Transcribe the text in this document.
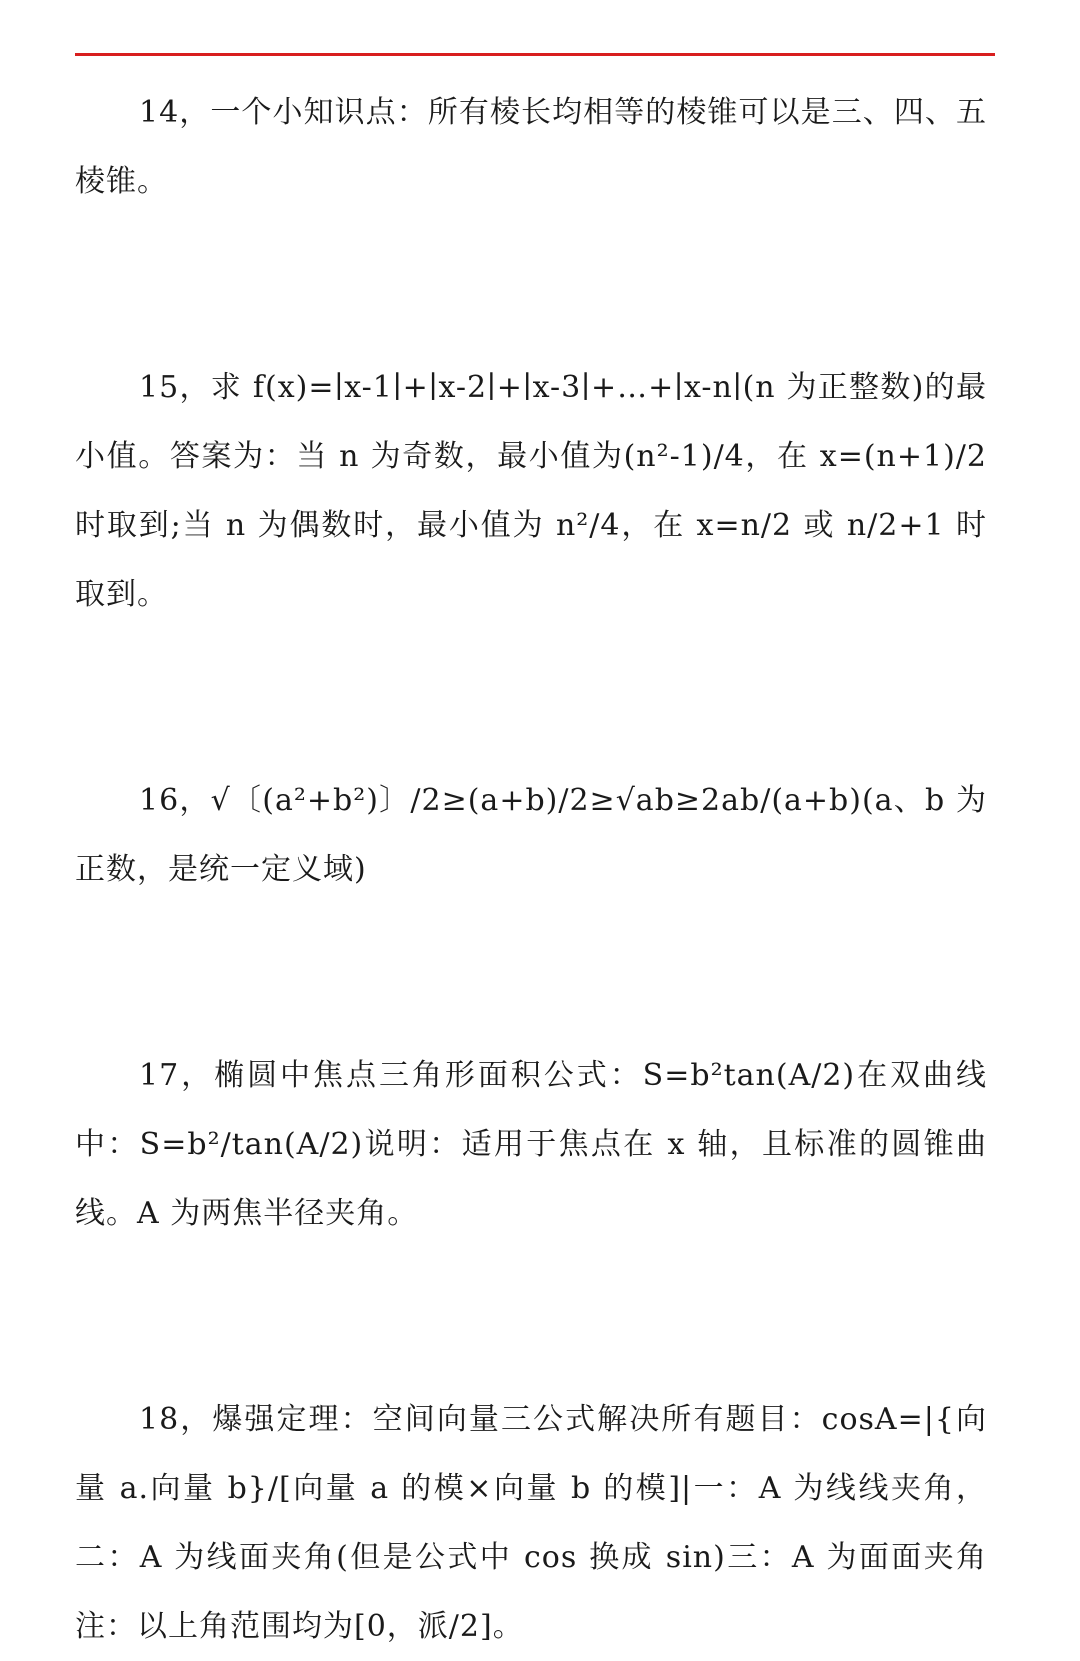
14，一个小知识点：所有棱长均相等的棱锥可以是三、四、五棱锥。

15，求 f(x)=∣x-1∣+∣x-2∣+∣x-3∣+…+∣x-n∣(n 为正整数)的最小值。答案为：当 n 为奇数，最小值为(n²-1)/4，在 x=(n+1)/2 时取到;当 n 为偶数时，最小值为 n²/4，在 x=n/2 或 n/2+1 时取到。

16，√〔(a²+b²)〕/2≥(a+b)/2≥√ab≥2ab/(a+b)(a、b 为正数，是统一定义域)

17，椭圆中焦点三角形面积公式：S=b²tan(A/2)在双曲线中：S=b²/tan(A/2)说明：适用于焦点在 x 轴，且标准的圆锥曲线。A 为两焦半径夹角。

18，爆强定理：空间向量三公式解决所有题目：cosA=|{向量 a.向量 b}/[向量 a 的模×向量 b 的模]|一：A 为线线夹角，二：A 为线面夹角(但是公式中 cos 换成 sin)三：A 为面面夹角注：以上角范围均为[0，派/2]。
